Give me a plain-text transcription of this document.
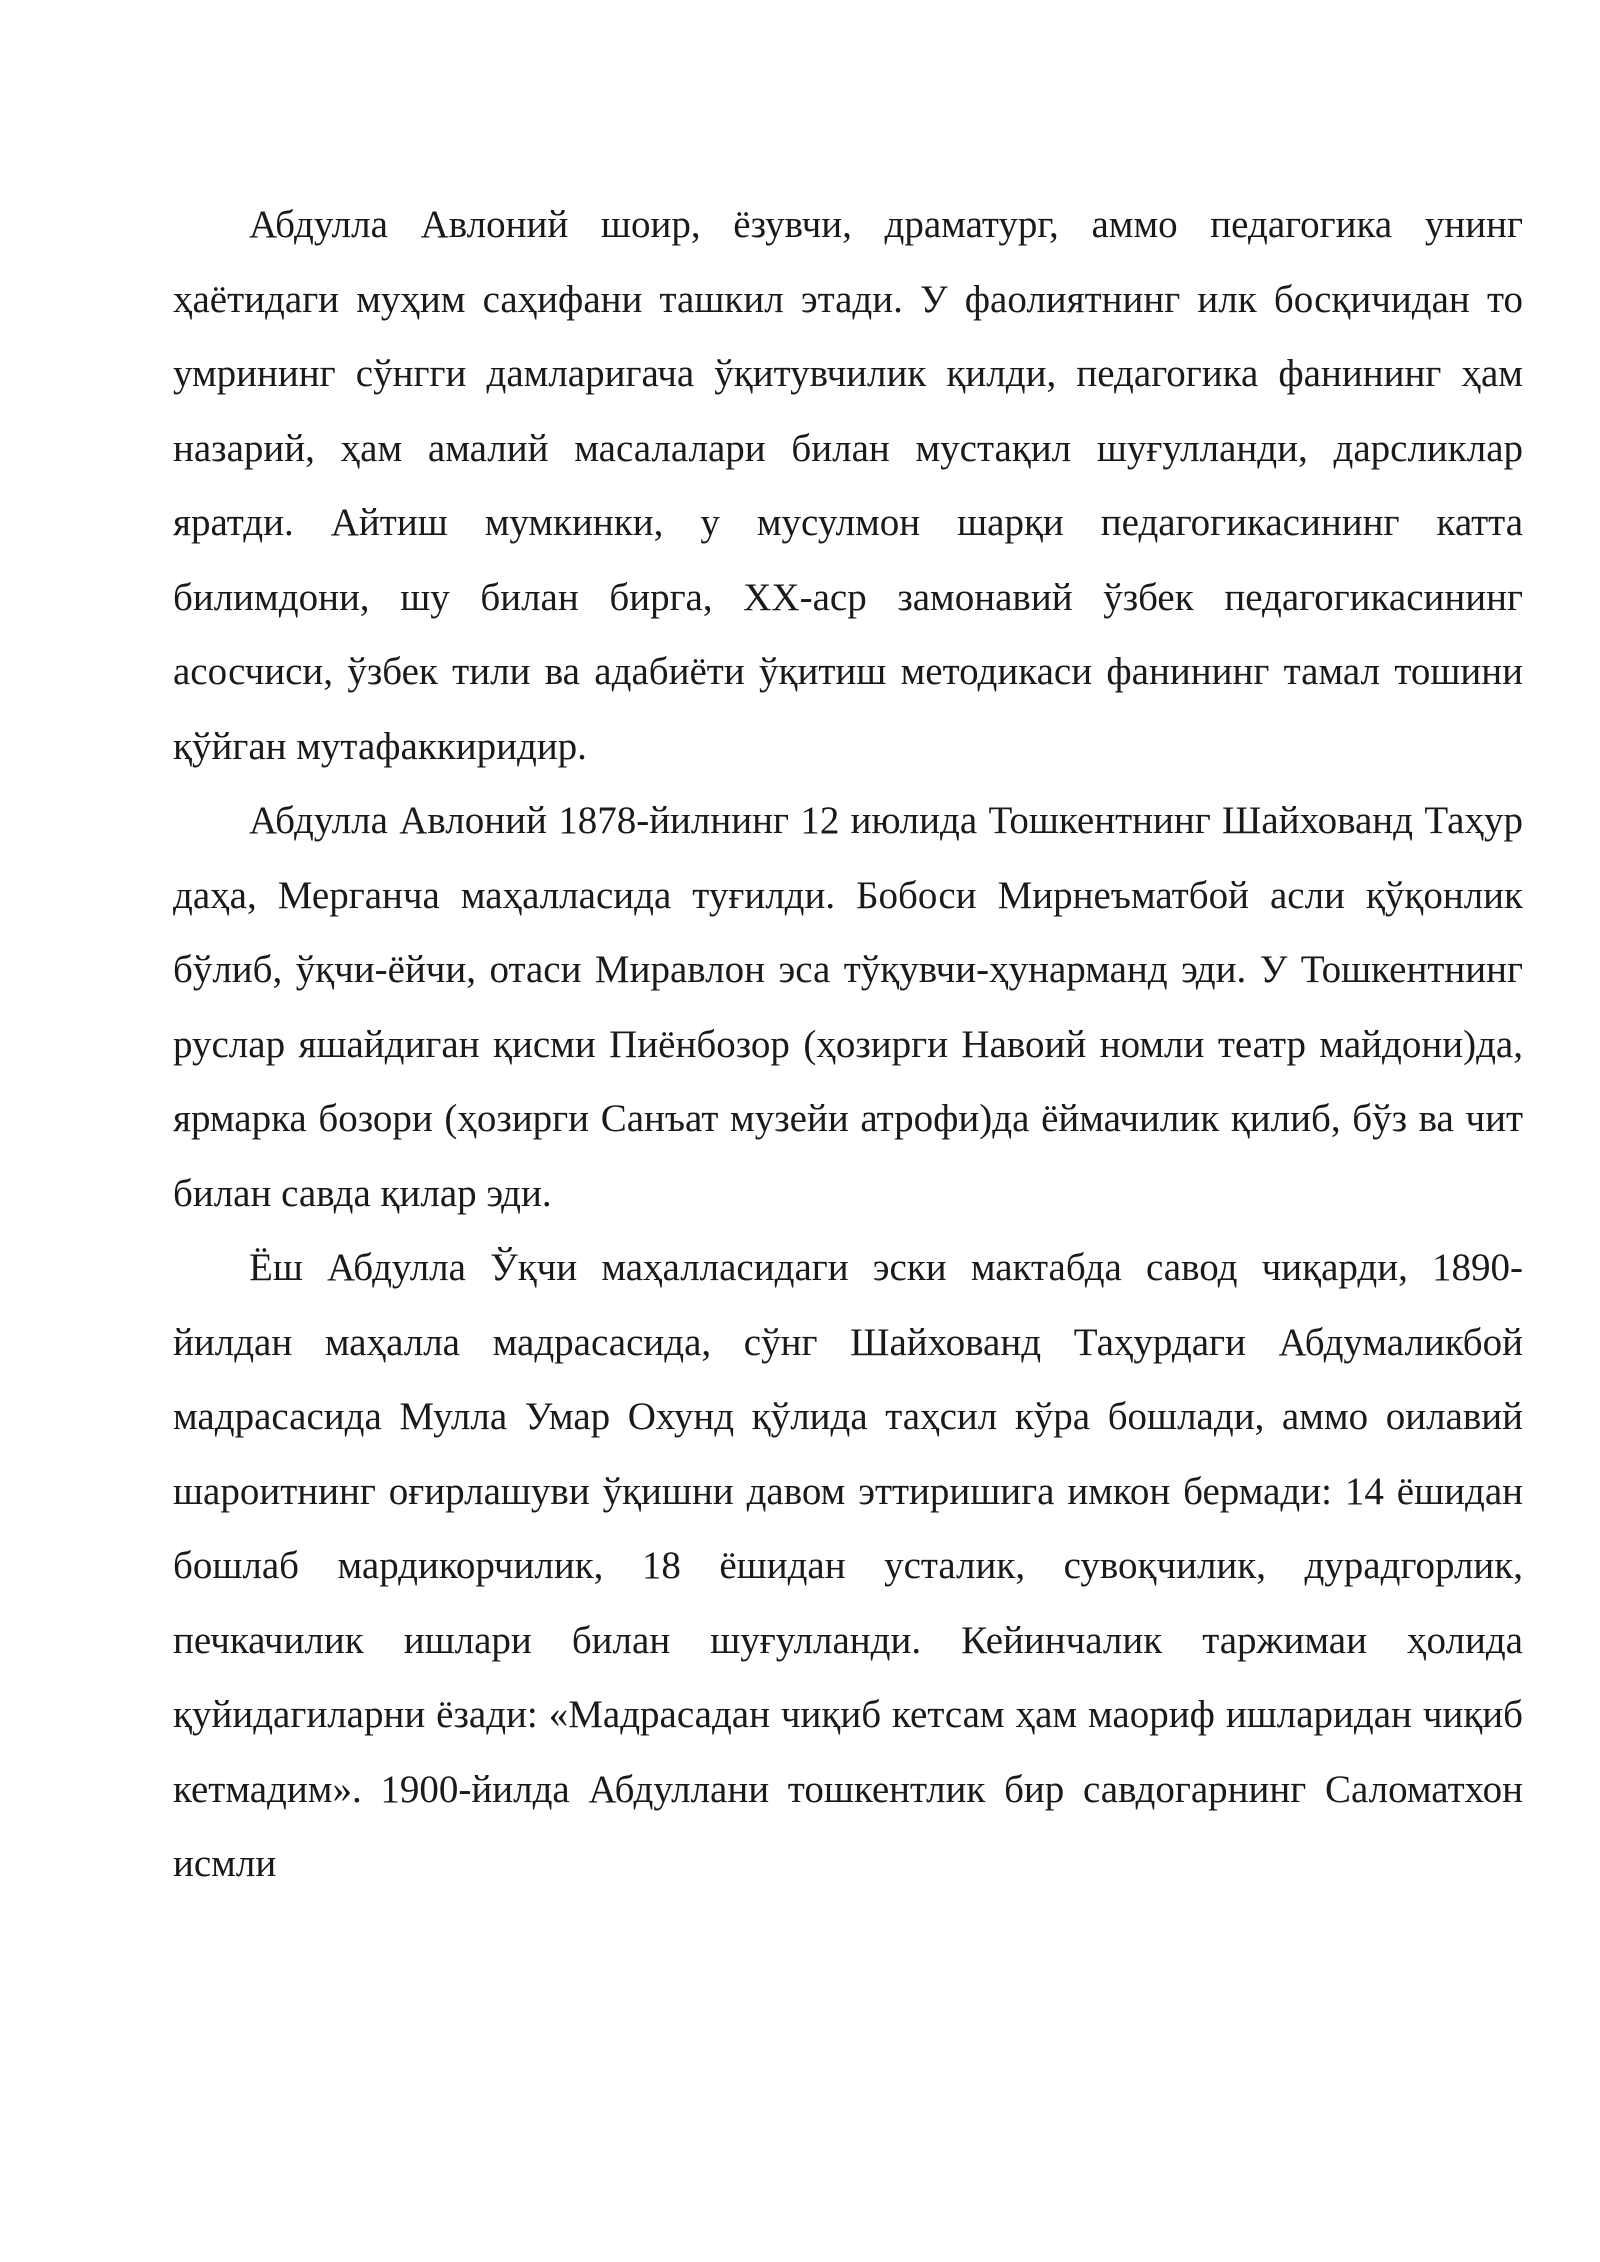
Абдулла Авлоний шоир, ёзувчи, драматург, аммо педагогика унинг ҳаётидаги муҳим саҳифани ташкил этади. У фаолиятнинг илк босқичидан то умрининг сўнгги дамларигача ўқитувчилик қилди, педагогика фанининг ҳам назарий, ҳам амалий масалалари билан мустақил шуғулланди, дарсликлар яратди. Айтиш мумкинки, у мусулмон шарқи педагогикасининг катта билимдони, шу билан бирга, XX-аср замонавий ўзбек педагогикасининг асосчиси, ўзбек тили ва адабиёти ўқитиш методикаси фанининг тамал тошини қўйган мутафаккиридир.

Абдулла Авлоний 1878-йилнинг 12 июлида Тошкентнинг Шайхованд Таҳур даҳа, Мерганча маҳалласида туғилди. Бобоси Мирнеъматбой асли қўқонлик бўлиб, ўқчи-ёйчи, отаси Миравлон эса тўқувчи-ҳунарманд эди. У Тошкентнинг руслар яшайдиган қисми Пиёнбозор (ҳозирги Навоий номли театр майдони)да, ярмарка бозори (ҳозирги Санъат музейи атрофи)да ёймачилик қилиб, бўз ва чит билан савда қилар эди.

Ёш Абдулла Ўқчи маҳалласидаги эски мактабда савод чиқарди, 1890-йилдан маҳалла мадрасасида, сўнг Шайхованд Таҳурдаги Абдумаликбой мадрасасида Мулла Умар Охунд қўлида таҳсил кўра бошлади, аммо оилавий шароитнинг оғирлашуви ўқишни давом эттиришига имкон бермади: 14 ёшидан бошлаб мардикорчилик, 18 ёшидан усталик, сувоқчилик, дурадгорлик, печкачилик ишлари билан шуғулланди. Кейинчалик таржимаи ҳолида қуйидагиларни ёзади: «Мадрасадан чиқиб кетсам ҳам маориф ишларидан чиқиб кетмадим». 1900-йилда Абдуллани тошкентлик бир савдогарнинг Саломатхон исмли
